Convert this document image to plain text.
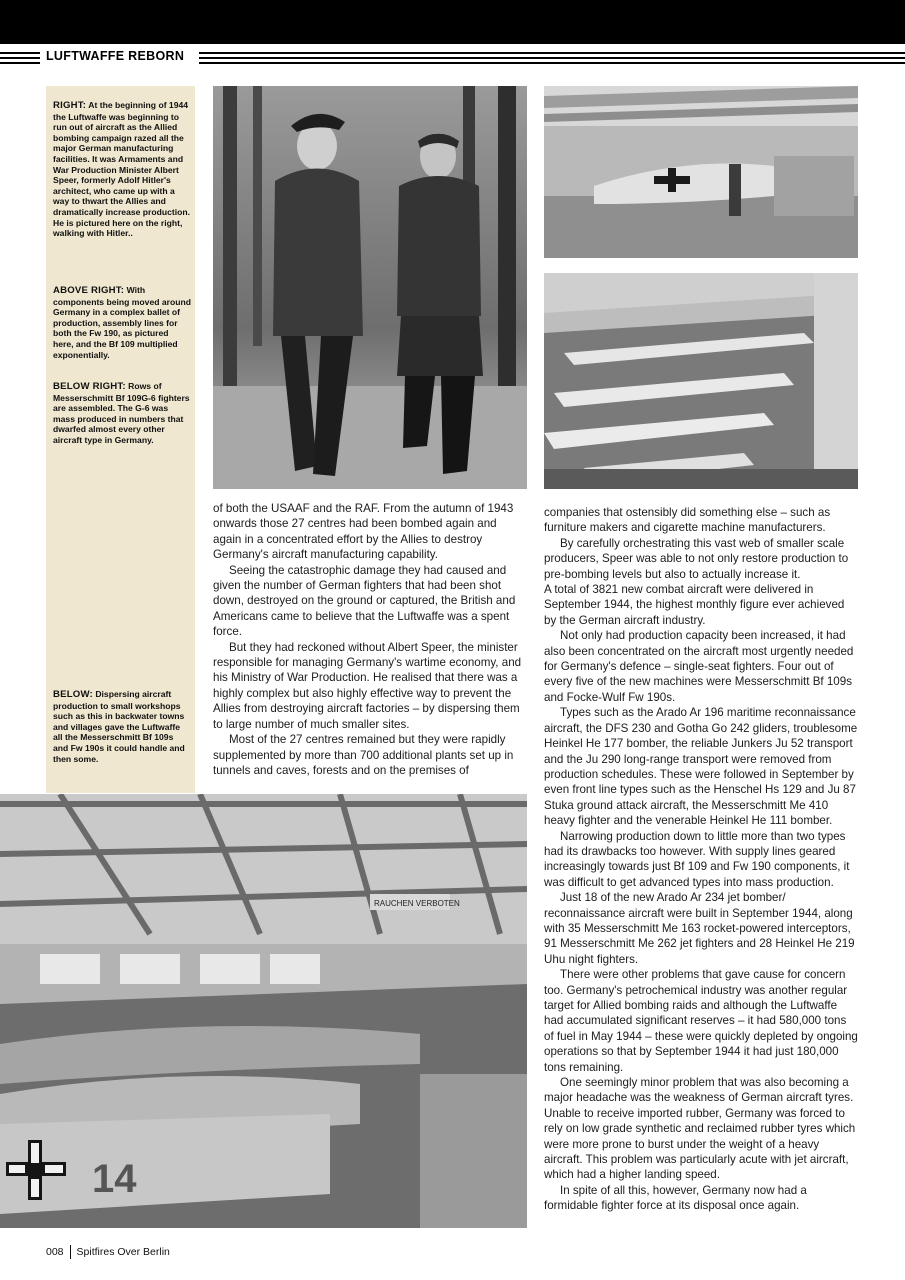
LUFTWAFFE REBORN
RIGHT: At the beginning of 1944 the Luftwaffe was beginning to run out of aircraft as the Allied bombing campaign razed all the major German manufacturing facilities. It was Armaments and War Production Minister Albert Speer, formerly Adolf Hitler's architect, who came up with a way to thwart the Allies and dramatically increase production. He is pictured here on the right, walking with Hitler..
ABOVE RIGHT: With components being moved around Germany in a complex ballet of production, assembly lines for both the Fw 190, as pictured here, and the Bf 109 multiplied exponentially.
BELOW RIGHT: Rows of Messerschmitt Bf 109G-6 fighters are assembled. The G-6 was mass produced in numbers that dwarfed almost every other aircraft type in Germany.
BELOW: Dispersing aircraft production to small workshops such as this in backwater towns and villages gave the Luftwaffe all the Messerschmitt Bf 109s and Fw 190s it could handle and then some.
RAUCHEN VERBOTEN
14

of both the USAAF and the RAF. From the autumn of 1943 onwards those 27 centres had been bombed again and again in a concentrated effort by the Allies to destroy Germany's aircraft manufacturing capability.

Seeing the catastrophic damage they had caused and given the number of German fighters that had been shot down, destroyed on the ground or captured, the British and Americans came to believe that the Luftwaffe was a spent force.

But they had reckoned without Albert Speer, the minister responsible for managing Germany's wartime economy, and his Ministry of War Production. He realised that there was a highly complex but also highly effective way to prevent the Allies from destroying aircraft factories – by dispersing them to large number of much smaller sites.

Most of the 27 centres remained but they were rapidly supplemented by more than 700 additional plants set up in tunnels and caves, forests and on the premises of

companies that ostensibly did something else – such as furniture makers and cigarette machine manufacturers.

By carefully orchestrating this vast web of smaller scale producers, Speer was able to not only restore production to pre-bombing levels but also to actually increase it.

A total of 3821 new combat aircraft were delivered in September 1944, the highest monthly figure ever achieved by the German aircraft industry.

Not only had production capacity been increased, it had also been concentrated on the aircraft most urgently needed for Germany's defence – single-seat fighters. Four out of every five of the new machines were Messerschmitt Bf 109s and Focke-Wulf Fw 190s.

Types such as the Arado Ar 196 maritime reconnaissance aircraft, the DFS 230 and Gotha Go 242 gliders, troublesome Heinkel He 177 bomber, the reliable Junkers Ju 52 transport and the Ju 290 long-range transport were removed from production schedules. These were followed in September by even front line types such as the Henschel Hs 129 and Ju 87 Stuka ground attack aircraft, the Messerschmitt Me 410 heavy fighter and the venerable Heinkel He 111 bomber.

Narrowing production down to little more than two types had its drawbacks too however. With supply lines geared increasingly towards just Bf 109 and Fw 190 components, it was difficult to get advanced types into mass production.

Just 18 of the new Arado Ar 234 jet bomber/ reconnaissance aircraft were built in September 1944, along with 35 Messerschmitt Me 163 rocket-powered interceptors, 91 Messerschmitt Me 262 jet fighters and 28 Heinkel He 219 Uhu night fighters.

There were other problems that gave cause for concern too. Germany's petrochemical industry was another regular target for Allied bombing raids and although the Luftwaffe had accumulated significant reserves – it had 580,000 tons of fuel in May 1944 – these were quickly depleted by ongoing operations so that by September 1944 it had just 180,000 tons remaining.

One seemingly minor problem that was also becoming a major headache was the weakness of German aircraft tyres. Unable to receive imported rubber, Germany was forced to rely on low grade synthetic and reclaimed rubber tyres which were more prone to burst under the weight of a heavy aircraft. This problem was particularly acute with jet aircraft, which had a higher landing speed.

In spite of all this, however, Germany now had a formidable fighter force at its disposal once again.

008 Spitfires Over Berlin
